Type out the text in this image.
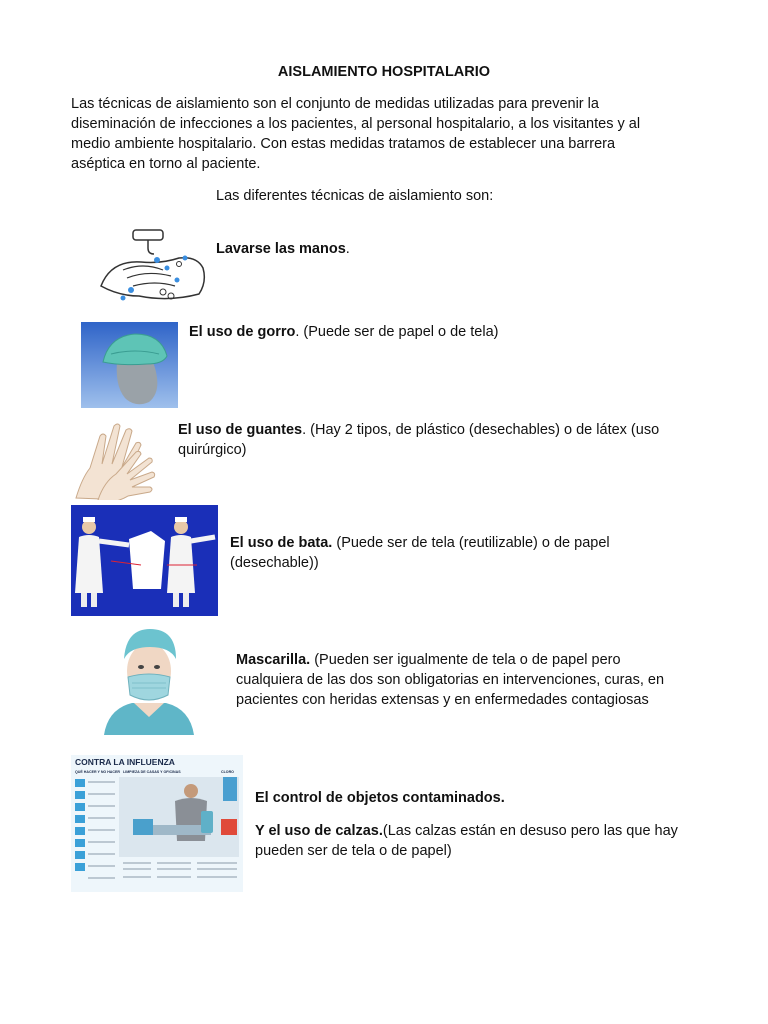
AISLAMIENTO HOSPITALARIO
Las técnicas de aislamiento son el conjunto de medidas utilizadas para prevenir la
diseminación de infecciones a los pacientes, al personal hospitalario, a los visitantes y al
medio ambiente hospitalario. Con estas medidas tratamos de establecer una barrera
aséptica en torno al paciente.
Las diferentes técnicas de aislamiento son:
Lavarse las manos.
El uso de gorro. (Puede ser de papel o de tela)
El uso de guantes. (Hay 2 tipos, de plástico (desechables) o de látex (uso
quirúrgico)
El uso de bata. (Puede ser de tela (reutilizable) o de papel
(desechable))
Mascarilla. (Pueden ser igualmente de tela o de papel pero
cualquiera de las dos son obligatorias en intervenciones, curas, en
pacientes con heridas extensas y en enfermedades contagiosas
CONTRA LA INFLUENZA
QUÉ HACER Y NO HACER LIMPIEZA DE CASAS Y OFICINAS	CLORO
El control de objetos contaminados.
Y el uso de calzas.(Las calzas están en desuso pero las que hay
pueden ser de tela o de papel)
